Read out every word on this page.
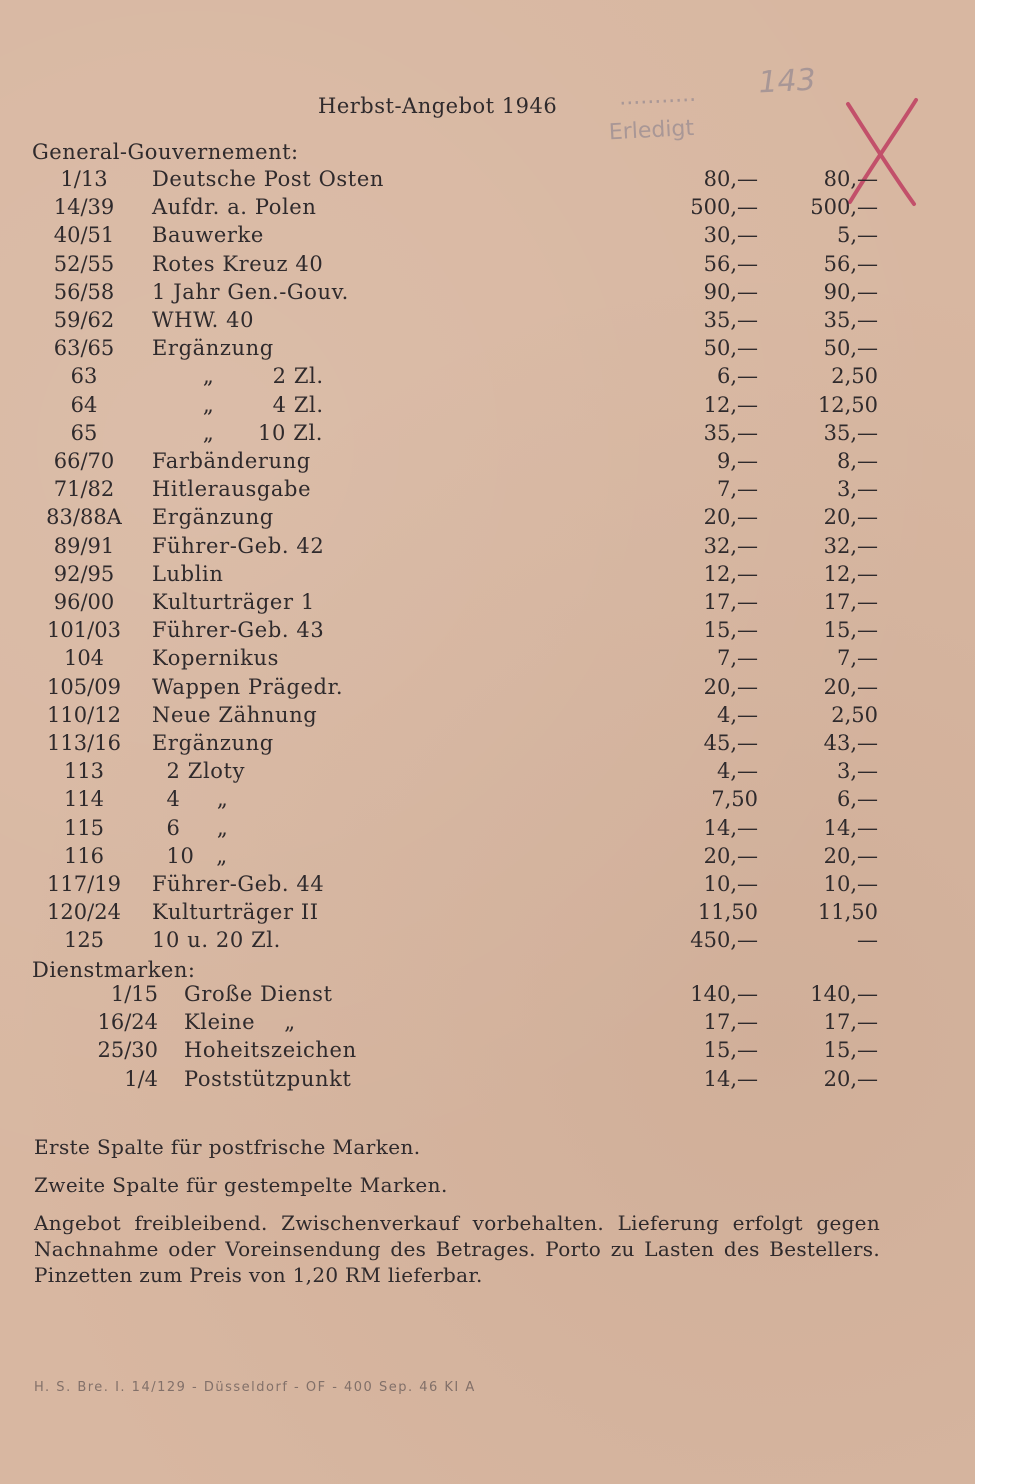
Herbst-Angebot 1946	...........
Erledigt
143
General-Gouvernement:
1/13	Deutsche Post Osten	80,—	80,—
14/39	Aufdr. a. Polen	500,—	500,—
40/51	Bauwerke	30,—	5,—
52/55	Rotes Kreuz 40	56,—	56,—
56/58	1 Jahr Gen.-Gouv.	90,—	90,—
59/62	WHW. 40	35,—	35,—
63/65	Ergänzung	50,—	50,—
63	„        2 Zl.	6,—	2,50
64	„        4 Zl.	12,—	12,50
65	„      10 Zl.	35,—	35,—
66/70	Farbänderung	9,—	8,—
71/82	Hitlerausgabe	7,—	3,—
83/88A	Ergänzung	20,—	20,—
89/91	Führer-Geb. 42	32,—	32,—
92/95	Lublin	12,—	12,—
96/00	Kulturträger 1	17,—	17,—
101/03	Führer-Geb. 43	15,—	15,—
104	Kopernikus	7,—	7,—
105/09	Wappen Prägedr.	20,—	20,—
110/12	Neue Zähnung	4,—	2,50
113/16	Ergänzung	45,—	43,—
113	2 Zloty	4,—	3,—
114	4     „	7,50	6,—
115	6     „	14,—	14,—
116	10   „	20,—	20,—
117/19	Führer-Geb. 44	10,—	10,—
120/24	Kulturträger II	11,50	11,50
125	10 u. 20 Zl.	450,—	—
Dienstmarken:
1/15 Große Dienst	140,—	140,—
16/24 Kleine    „	17,—	17,—
25/30 Hoheitszeichen	15,—	15,—
1/4 Poststützpunkt	14,—	20,—
Erste Spalte für postfrische Marken.
Zweite Spalte für gestempelte Marken.
Angebot freibleibend. Zwischenverkauf vorbehalten. Lieferung erfolgt gegen Nachnahme oder Voreinsendung des Betrages. Porto zu Lasten des Bestellers. Pinzetten zum Preis von 1,20 RM lieferbar.
H. S. Bre. I. 14/129 - Düsseldorf - OF - 400 Sep. 46 KI A
